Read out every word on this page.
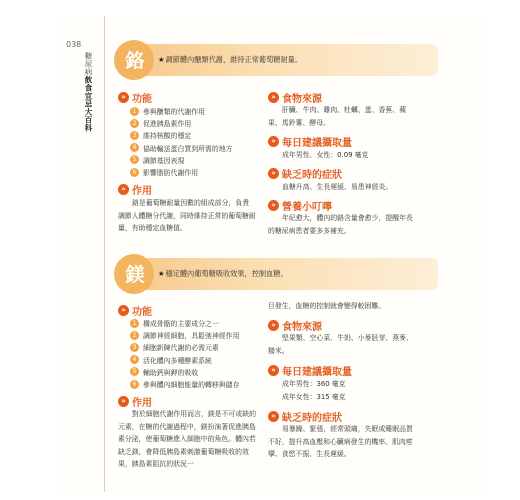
038
糖尿病飲食宜忌大百科
鉻	★調節體內醣類代謝，維持正常葡萄糖耐量。
» 功能
1 參與醣類的代謝作用
2 促進胰島素作用
3 維持核酸的穩定
4 協助輸送蛋白質到所需的地方
5 調節基因表現
6 影響脂肪代謝作用
» 作用
鉻是葡萄糖耐量因數的組成部分，負責調節人體糖分代謝，同時維持正常的葡萄糖耐量，有助穩定血糖值。
» 食物來源
肝臟、牛肉、雞肉、牡蠣、蛋、香蕉、蘋果、馬鈴薯、酵母。
» 每日建議攝取量
成年男性、女性：0.09 毫克
» 缺乏時的症狀
血糖升高、生長遲緩、易患神經炎。
» 營養小叮嚀
年紀愈大，體內的鉻含量會愈少，提醒年長的糖尿病患者要多多補充。
鎂	★穩定體內葡萄糖吸收效果，控制血糖。
» 功能
1 構成骨骼的主要成分之一
2 調節神經細胞，具鬆弛神經作用
3 細胞新陳代謝的必需元素
4 活化體內多種酵素系統
5 輔助鈣與鉀的吸收
6 參與體內細胞能量的轉移與儲存
» 作用
對於細胞代謝作用而言，鎂是不可或缺的元素，在糖的代謝過程中，鎂扮演著促進胰島素分泌，使葡萄糖進入細胞中的角色。體內若缺乏鎂，會降低胰島素刺激葡萄糖吸收的效果，胰島素阻抗的狀況一
旦發生，血糖的控制就會變得較困難。
» 食物來源
堅果類、空心菜、牛奶、小麥胚芽、燕麥、糙米。
» 每日建議攝取量
成年男性：360 毫克
成年女性：315 毫克
» 缺乏時的症狀
易暴躁、緊張，經常頭痛，失眠或睡眠品質不好，提升高血壓和心臟病發生的機率、肌肉痙攣、食慾不振、生長遲緩。
